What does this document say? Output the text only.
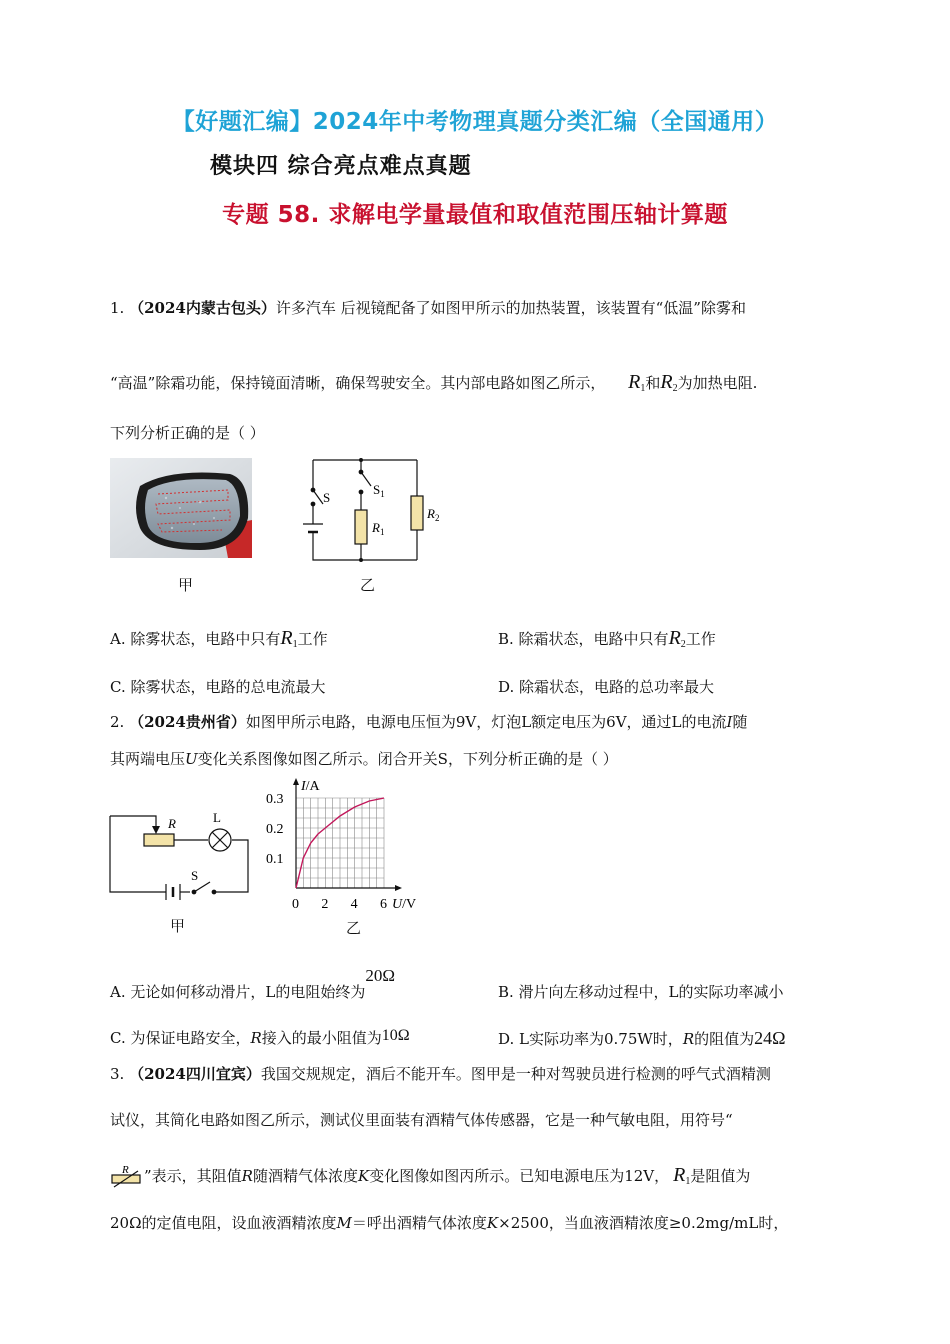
【好题汇编】2024年中考物理真题分类汇编（全国通用）
模块四 综合亮点难点真题
专题 58. 求解电学量最值和取值范围压轴计算题
1. （2024内蒙古包头）许多汽车 后视镜配备了如图甲所示的加热装置，该装置有“低温”除雾和
“高温”除霜功能，保持镜面清晰，确保驾驶安全。其内部电路如图乙所示， $R_1$和$R_2$为加热电阻.
下列分析正确的是（ ）
甲
S
$S_1$
$R_1$
$R_2$
乙
A. 除雾状态，电路中只有$R_1$工作	B. 除霜状态，电路中只有$R_2$工作
C. 除雾状态，电路的总电流最大	D. 除霜状态，电路的总功率最大
2. （2024贵州省）如图甲所示电路，电源电压恒为9V，灯泡L额定电压为6V，通过L的电流I随
其两端电压U变化关系图像如图乙所示。闭合开关S，下列分析正确的是（ ）
R	L
S
甲
0 2 4 6
0.1
0.2
0.3
I/A
U/V
乙
A. 无论如何移动滑片，L的电阻始终为20Ω
B. 滑片向左移动过程中，L的实际功率减小
C. 为保证电路安全，R接入的最小阻值为10Ω	D. L实际功率为0.75W时，R的阻值为24Ω
3. （2024四川宜宾）我国交规规定，酒后不能开车。图甲是一种对驾驶员进行检测的呼气式酒精测
试仪，其简化电路如图乙所示，测试仪里面装有酒精气体传感器，它是一种气敏电阻，用符号“
R ”表示，其阻值R随酒精气体浓度K变化图像如图丙所示。已知电源电压为12V， $R_1$是阻值为
20Ω的定值电阻，设血液酒精浓度M＝呼出酒精气体浓度K×2500，当血液酒精浓度≥0.2mg/mL时，
